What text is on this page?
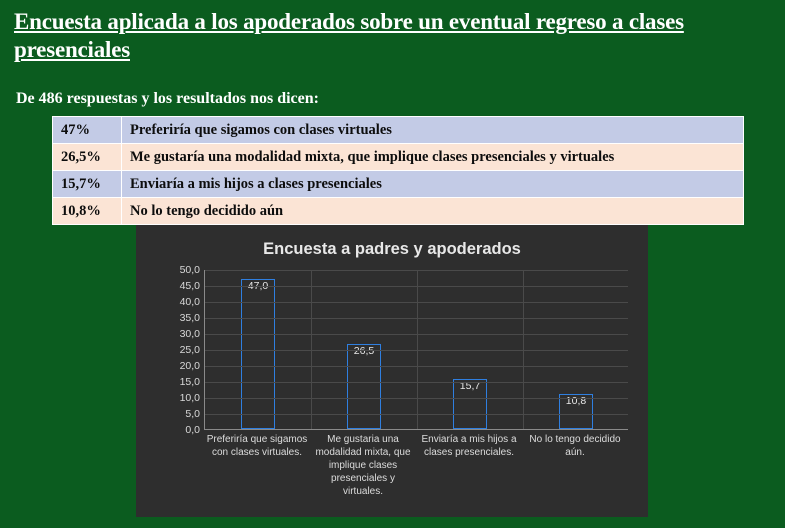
Encuesta aplicada a los apoderados sobre un eventual regreso a clases presenciales
De 486 respuestas y los resultados nos dicen:
47%	Preferiría que sigamos con clases virtuales
26,5%	Me gustaría una modalidad mixta, que implique clases presenciales y virtuales
15,7%	Enviaría a mis hijos a clases presenciales
10,8%	No lo tengo decidido aún
Encuesta a padres y apoderados
0,0
5,0
10,0
15,0
20,0
25,0
30,0
35,0
40,0
45,0
50,0
47,0
26,5
15,7
10,8
Preferiría que sigamos con clases virtuales.
Me gustaria una modalidad mixta, que implique clases presenciales y virtuales.
Enviaría a mis hijos a clases presenciales.
No lo tengo decidido aún.
